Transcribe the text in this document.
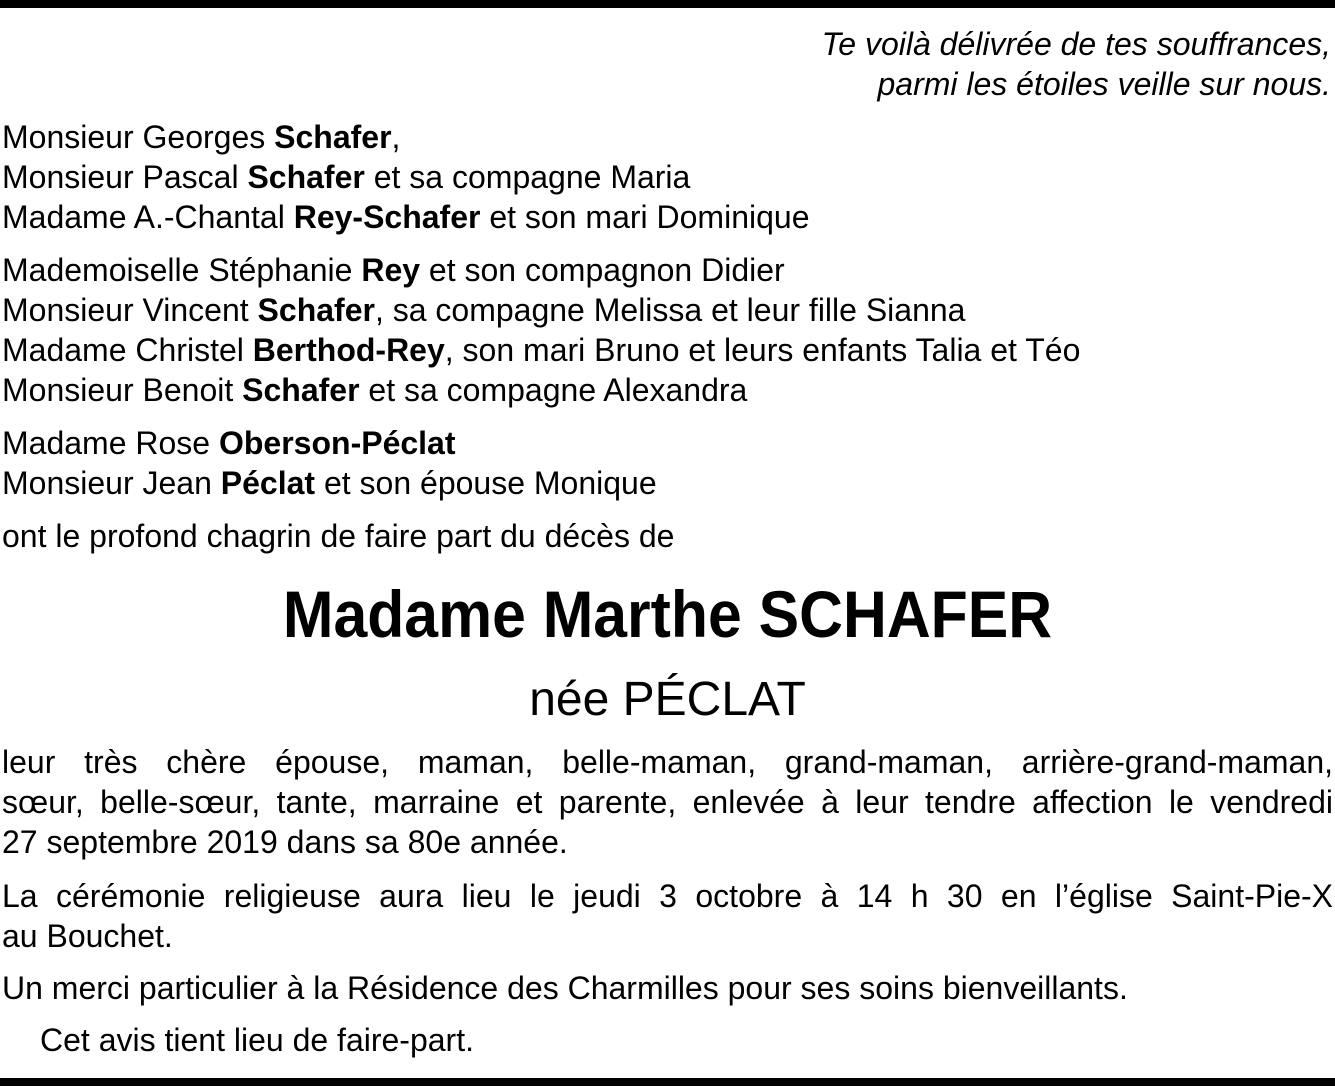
Te voilà délivrée de tes souffrances,
parmi les étoiles veille sur nous.
Monsieur Georges Schafer,
Monsieur Pascal Schafer et sa compagne Maria
Madame A.-Chantal Rey-Schafer et son mari Dominique
Mademoiselle Stéphanie Rey et son compagnon Didier
Monsieur Vincent Schafer, sa compagne Melissa et leur fille Sianna
Madame Christel Berthod-Rey, son mari Bruno et leurs enfants Talia et Téo
Monsieur Benoit Schafer et sa compagne Alexandra
Madame Rose Oberson-Péclat
Monsieur Jean Péclat et son épouse Monique
ont le profond chagrin de faire part du décès de
Madame Marthe SCHAFER
née PÉCLAT
leur très chère épouse, maman, belle-maman, grand-maman, arrière-grand-maman,
sœur, belle-sœur, tante, marraine et parente, enlevée à leur tendre affection le vendredi
27 septembre 2019 dans sa 80e année.
La cérémonie religieuse aura lieu le jeudi 3 octobre à 14 h 30 en l’église Saint-Pie-X
au Bouchet.
Un merci particulier à la Résidence des Charmilles pour ses soins bienveillants.
Cet avis tient lieu de faire-part.
